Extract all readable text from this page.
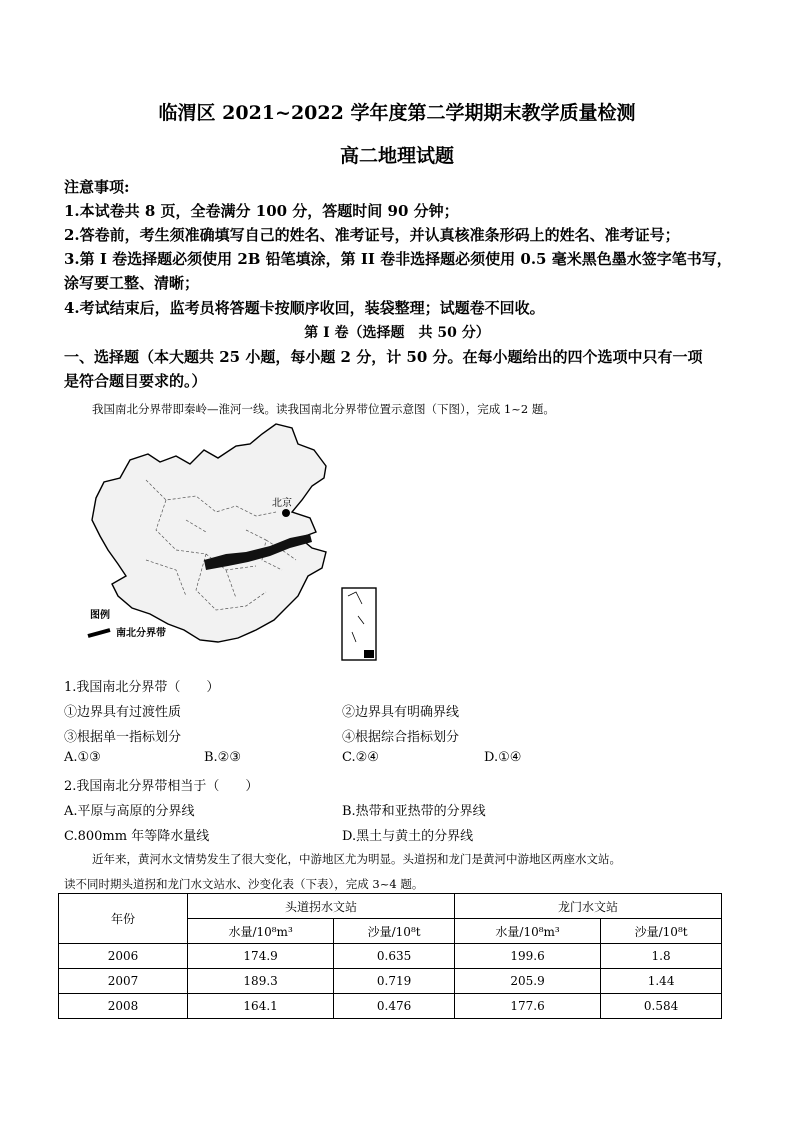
临渭区 2021~2022 学年度第二学期期末教学质量检测
高二地理试题
注意事项:
1.本试卷共 8 页，全卷满分 100 分，答题时间 90 分钟；
2.答卷前，考生须准确填写自己的姓名、准考证号，并认真核准条形码上的姓名、准考证号；
3.第 I 卷选择题必须使用 2B 铅笔填涂，第 II 卷非选择题必须使用 0.5 毫米黑色墨水签字笔书写，
涂写要工整、清晰；
4.考试结束后，监考员将答题卡按顺序收回，装袋整理；试题卷不回收。
第 I 卷（选择题　共 50 分）
一、选择题（本大题共 25 小题，每小题 2 分，计 50 分。在每小题给出的四个选项中只有一项
是符合题目要求的。）
我国南北分界带即秦岭—淮河一线。读我国南北分界带位置示意图（下图），完成 1~2 题。
北京
图例
南北分界带
1.我国南北分界带（　　）
①边界具有过渡性质	②边界具有明确界线
③根据单一指标划分	④根据综合指标划分
A.①③	B.②③	C.②④	D.①④
2.我国南北分界带相当于（　　）
A.平原与高原的分界线	B.热带和亚热带的分界线
C.800mm 年等降水量线	D.黑土与黄土的分界线
近年来，黄河水文情势发生了很大变化，中游地区尤为明显。头道拐和龙门是黄河中游地区两座水文站。
读不同时期头道拐和龙门水文站水、沙变化表（下表），完成 3~4 题。
年份	头道拐水文站		龙门水文站	
	水量/10⁸m³	沙量/10⁸t	水量/10⁸m³	沙量/10⁸t
2006	174.9	0.635	199.6	1.8
2007	189.3	0.719	205.9	1.44
2008	164.1	0.476	177.6	0.584
